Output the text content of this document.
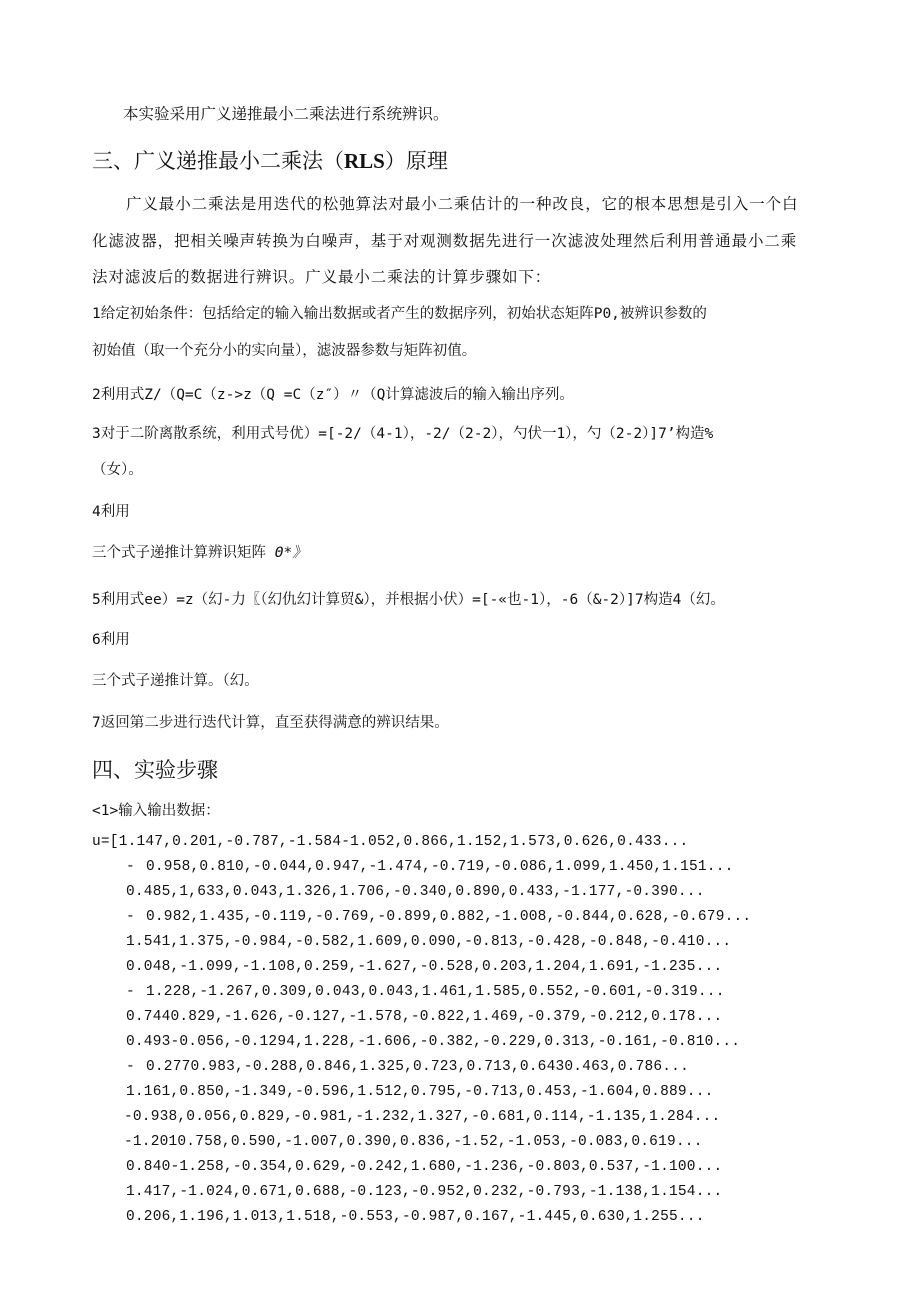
本实验采用广义递推最小二乘法进行系统辨识。
三、广义递推最小二乘法（RLS）原理
广义最小二乘法是用迭代的松弛算法对最小二乘估计的一种改良，它的根本思想是引入一个白
化滤波器，把相关噪声转换为白噪声，基于对观测数据先进行一次滤波处理然后利用普通最小二乘
法对滤波后的数据进行辨识。广义最小二乘法的计算步骤如下：
1给定初始条件：包括给定的输入输出数据或者产生的数据序列，初始状态矩阵P0,被辨识参数的
初始值（取一个充分小的实向量），滤波器参数与矩阵初值。
2利用式Z/（Q=C（z->z（Q =C（z″）〃（Q计算滤波后的输入输出序列。
3对于二阶离散系统，利用式号优）=[-2/（4-1），-2/（2-2），勺伏一1），勺（2-2）]7’构造%
（女）。
4利用
三个式子递推计算辨识矩阵 Θ*》
5利用式ee）=z（幻-力〖（幻仇幻计算贸&），并根据小伏）=[-«也-1），-6（&-2）]7构造4（幻。
6利用
三个式子递推计算。（幻。
7返回第二步进行迭代计算，直至获得满意的辨识结果。
四、实验步骤
<1>输入输出数据：
u=[1.147,0.201,-0.787,-1.584-1.052,0.866,1.152,1.573,0.626,0.433...
- 0.958,0.810,-0.044,0.947,-1.474,-0.719,-0.086,1.099,1.450,1.151...
0.485,1,633,0.043,1.326,1.706,-0.340,0.890,0.433,-1.177,-0.390...
- 0.982,1.435,-0.119,-0.769,-0.899,0.882,-1.008,-0.844,0.628,-0.679...
1.541,1.375,-0.984,-0.582,1.609,0.090,-0.813,-0.428,-0.848,-0.410...
0.048,-1.099,-1.108,0.259,-1.627,-0.528,0.203,1.204,1.691,-1.235...
- 1.228,-1.267,0.309,0.043,0.043,1.461,1.585,0.552,-0.601,-0.319...
0.7440.829,-1.626,-0.127,-1.578,-0.822,1.469,-0.379,-0.212,0.178...
0.493-0.056,-0.1294,1.228,-1.606,-0.382,-0.229,0.313,-0.161,-0.810...
- 0.2770.983,-0.288,0.846,1.325,0.723,0.713,0.6430.463,0.786...
1.161,0.850,-1.349,-0.596,1.512,0.795,-0.713,0.453,-1.604,0.889...
-0.938,0.056,0.829,-0.981,-1.232,1.327,-0.681,0.114,-1.135,1.284...
-1.2010.758,0.590,-1.007,0.390,0.836,-1.52,-1.053,-0.083,0.619...
0.840-1.258,-0.354,0.629,-0.242,1.680,-1.236,-0.803,0.537,-1.100...
1.417,-1.024,0.671,0.688,-0.123,-0.952,0.232,-0.793,-1.138,1.154...
0.206,1.196,1.013,1.518,-0.553,-0.987,0.167,-1.445,0.630,1.255...
